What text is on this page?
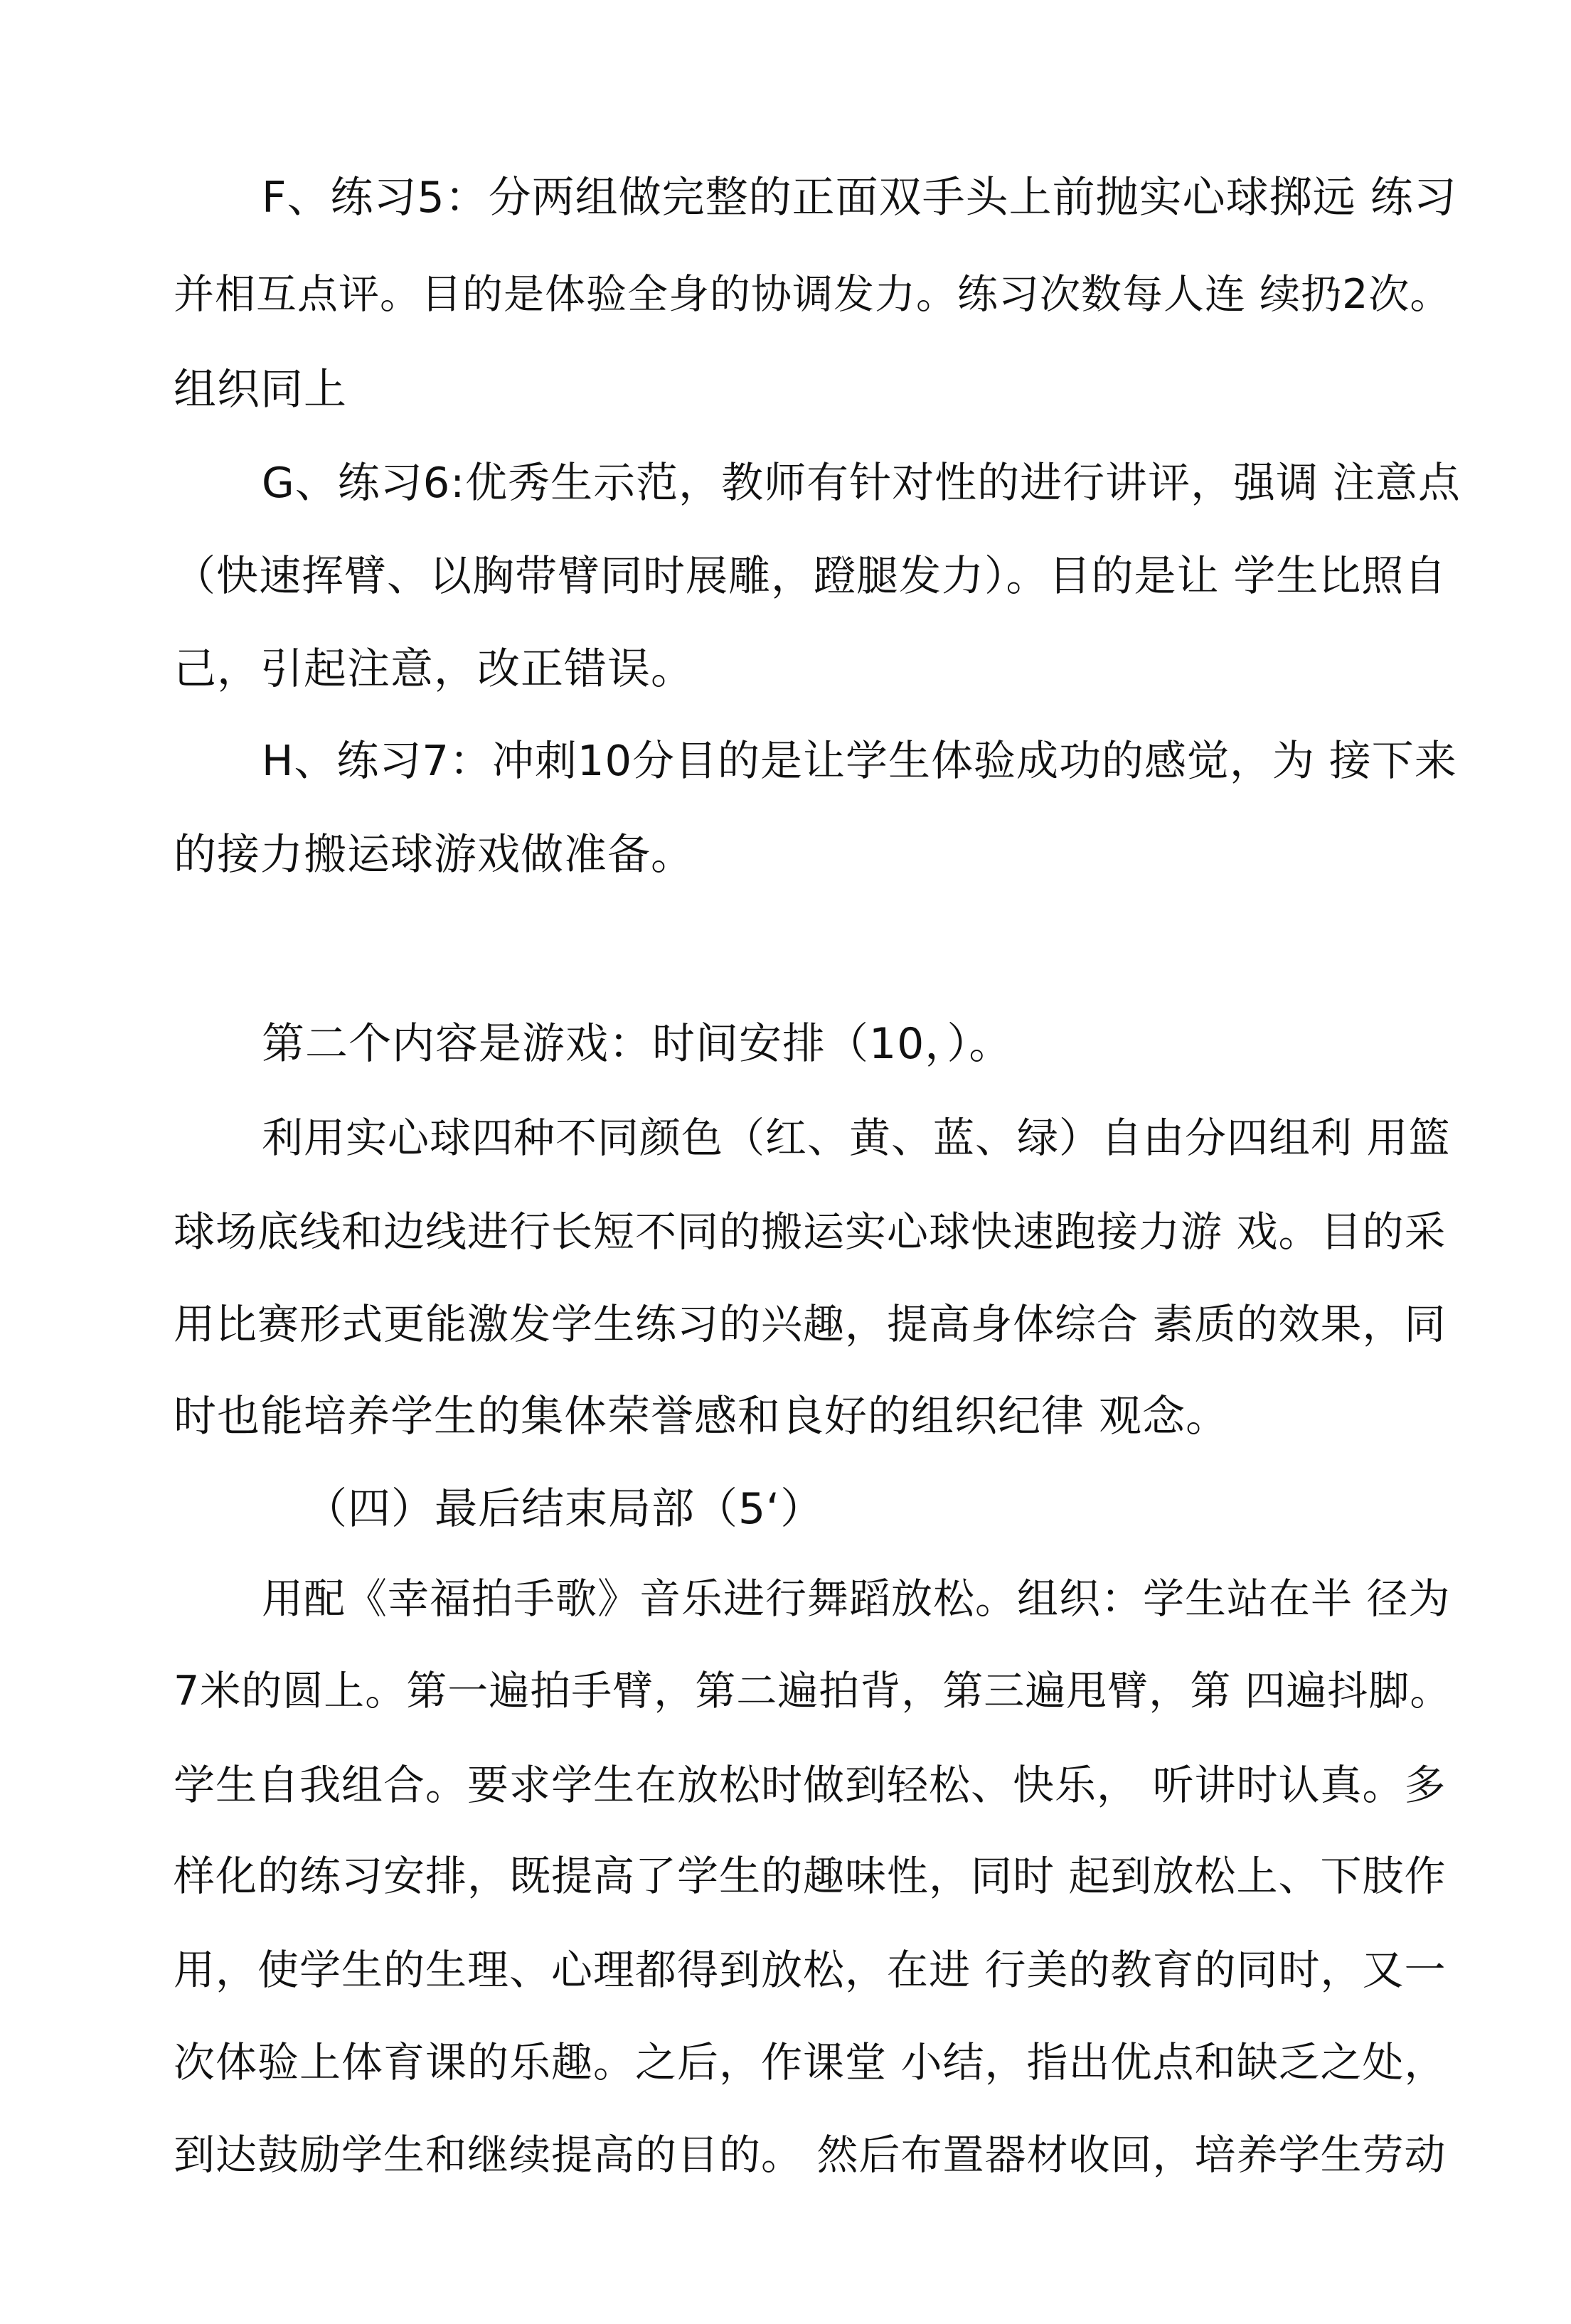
F、练习5：分两组做完整的正面双手头上前抛实心球掷远 练习

并相互点评。目的是体验全身的协调发力。练习次数每人连 续扔2次。

组织同上

G、练习6:优秀生示范，教师有针对性的进行讲评，强调 注意点

（快速挥臂、以胸带臂同时展雕，蹬腿发力）。目的是让 学生比照自

己，引起注意，改正错误。

H、练习7：冲刺10分目的是让学生体验成功的感觉，为 接下来

的接力搬运球游戏做准备。

第二个内容是游戏：时间安排（10，）。

利用实心球四种不同颜色（红、黄、蓝、绿）自由分四组利 用篮

球场底线和边线进行长短不同的搬运实心球快速跑接力游 戏。目的采

用比赛形式更能激发学生练习的兴趣，提高身体综合 素质的效果，同

时也能培养学生的集体荣誉感和良好的组织纪律 观念。

（四）最后结束局部（5‘）

用配《幸福拍手歌》音乐进行舞蹈放松。组织：学生站在半 径为

7米的圆上。第一遍拍手臂，第二遍拍背，第三遍甩臂，第 四遍抖脚。

学生自我组合。要求学生在放松时做到轻松、快乐， 听讲时认真。多

样化的练习安排，既提高了学生的趣味性，同时 起到放松上、下肢作

用，使学生的生理、心理都得到放松，在进 行美的教育的同时，又一

次体验上体育课的乐趣。之后，作课堂 小结，指出优点和缺乏之处，

到达鼓励学生和继续提高的目的。 然后布置器材收回，培养学生劳动
